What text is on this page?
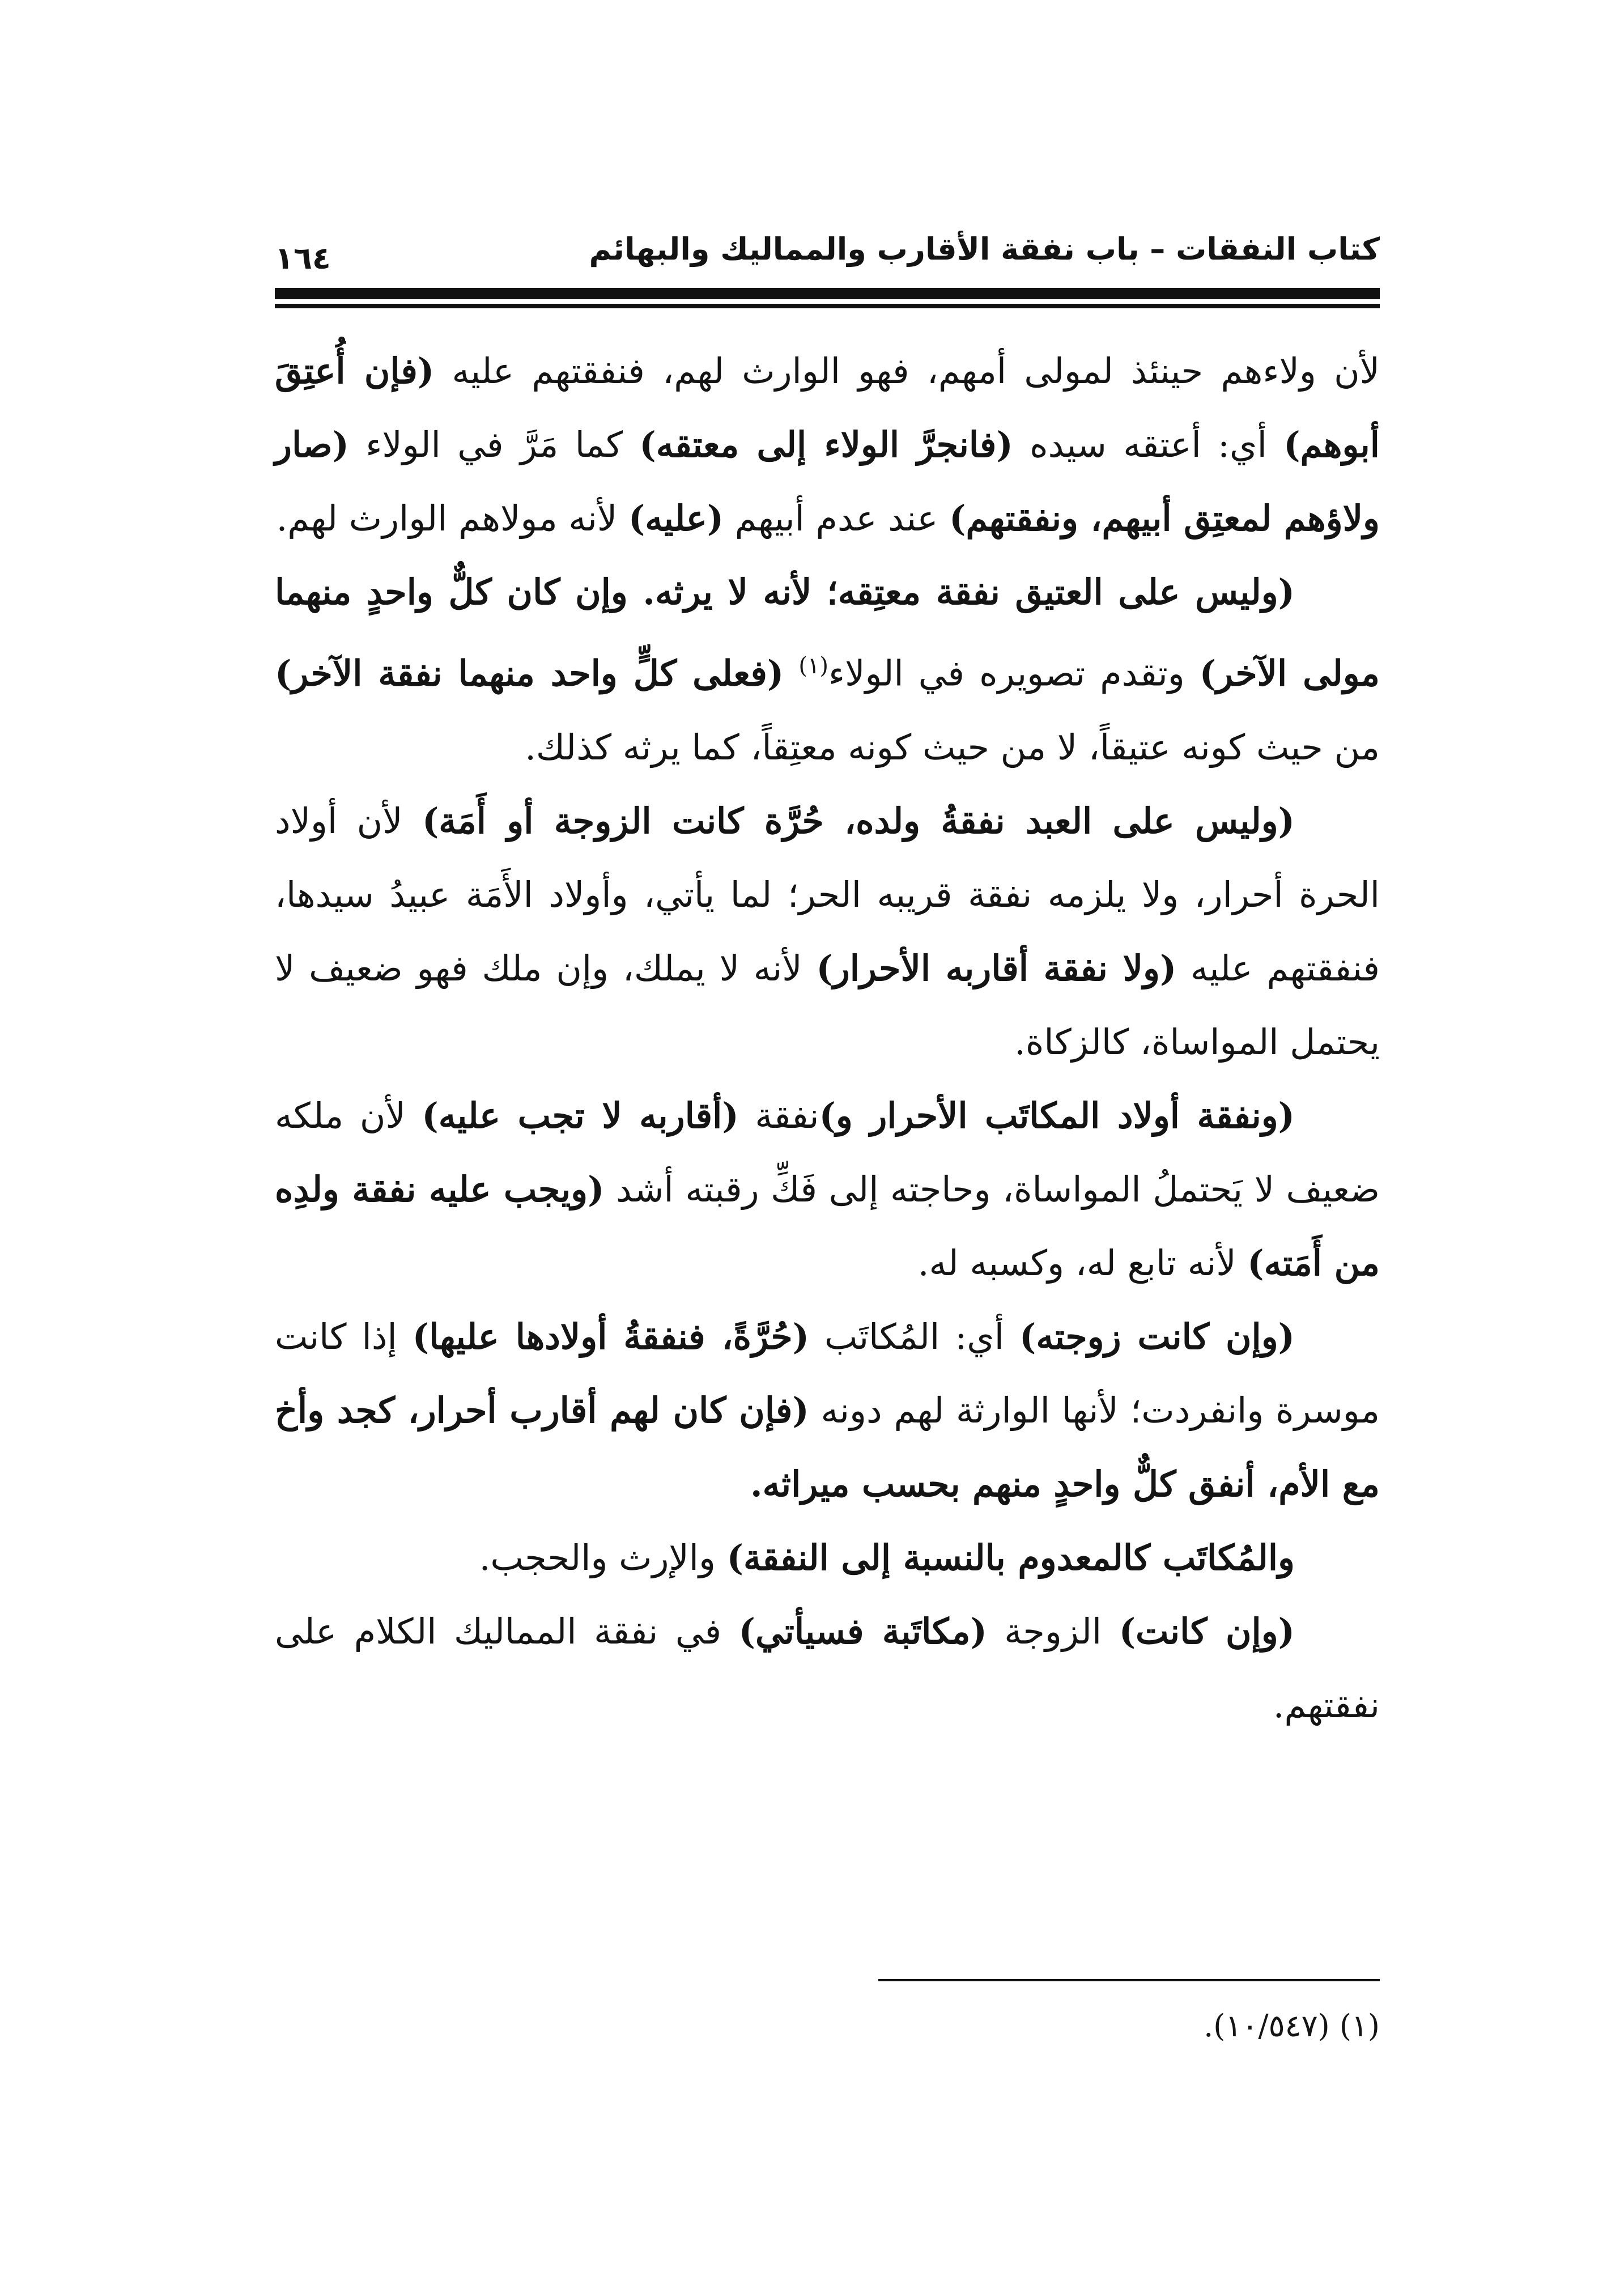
كتاب النفقات – باب نفقة الأقارب والمماليك والبهائم
١٦٤

لأن ولاءهم حينئذ لمولى أمهم، فهو الوارث لهم، فنفقتهم عليه (فإن أُعتِقَ أبوهم) أي: أعتقه سيده (فانجرَّ الولاء إلى معتقه) كما مَرَّ في الولاء (صار ولاؤهم لمعتِق أبيهم، ونفقتهم) عند عدم أبيهم (عليه) لأنه مولاهم الوارث لهم.

(وليس على العتيق نفقة معتِقه؛ لأنه لا يرثه. وإن كان كلٌّ واحدٍ منهما مولى الآخر) وتقدم تصويره في الولاء$^{(١)}$ (فعلى كلٍّ واحد منهما نفقة الآخر) من حيث كونه عتيقاً، لا من حيث كونه معتِقاً، كما يرثه كذلك.

(وليس على العبد نفقةُ ولده، حُرَّة كانت الزوجة أو أَمَة) لأن أولاد الحرة أحرار، ولا يلزمه نفقة قريبه الحر؛ لما يأتي، وأولاد الأَمَة عبيدُ سيدها، فنفقتهم عليه (ولا نفقة أقاربه الأحرار) لأنه لا يملك، وإن ملك فهو ضعيف لا يحتمل المواساة، كالزكاة.

(ونفقة أولاد المكاتَب الأحرار و)نفقة (أقاربه لا تجب عليه) لأن ملكه ضعيف لا يَحتملُ المواساة، وحاجته إلى فَكِّ رقبته أشد (ويجب عليه نفقة ولدِه من أَمَته) لأنه تابع له، وكسبه له.

(وإن كانت زوجته) أي: المُكاتَب (حُرَّةً، فنفقةُ أولادها عليها) إذا كانت موسرة وانفردت؛ لأنها الوارثة لهم دونه (فإن كان لهم أقارب أحرار، كجد وأخ مع الأم، أنفق كلٌّ واحدٍ منهم بحسب ميراثه.

والمُكاتَب كالمعدوم بالنسبة إلى النفقة) والإرث والحجب.

(وإن كانت) الزوجة (مكاتَبة فسيأتي) في نفقة المماليك الكلام على نفقتهم.

(١) (١٠/٥٤٧).
